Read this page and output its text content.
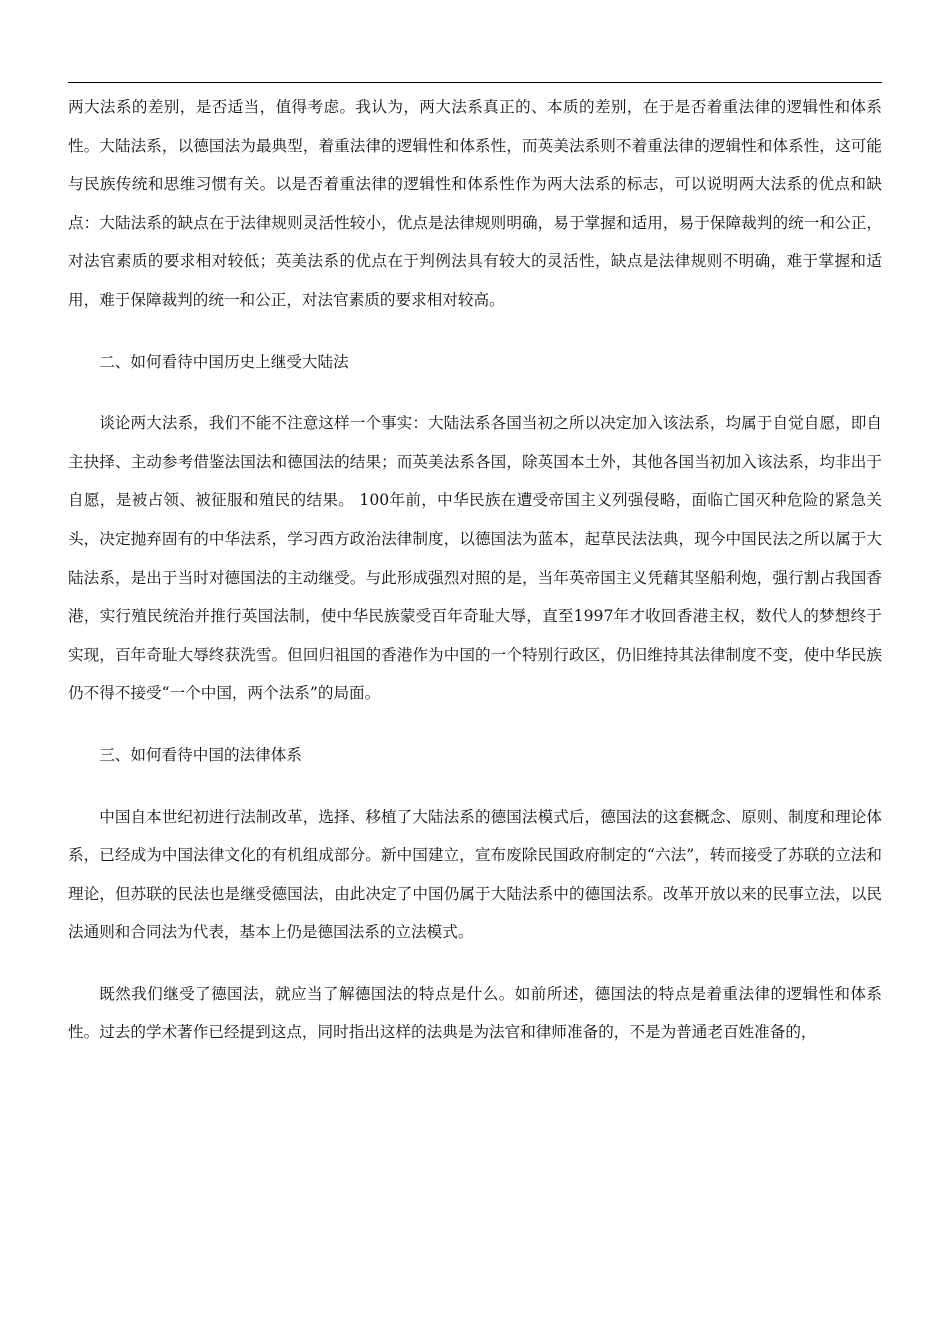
两大法系的差别，是否适当，值得考虑。我认为，两大法系真正的、本质的差别，在于是否着重法律的逻辑性和体系性。大陆法系，以德国法为最典型，着重法律的逻辑性和体系性，而英美法系则不着重法律的逻辑性和体系性，这可能与民族传统和思维习惯有关。以是否着重法律的逻辑性和体系性作为两大法系的标志，可以说明两大法系的优点和缺点：大陆法系的缺点在于法律规则灵活性较小，优点是法律规则明确，易于掌握和适用，易于保障裁判的统一和公正，对法官素质的要求相对较低；英美法系的优点在于判例法具有较大的灵活性，缺点是法律规则不明确，难于掌握和适用，难于保障裁判的统一和公正，对法官素质的要求相对较高。

二、如何看待中国历史上继受大陆法

谈论两大法系，我们不能不注意这样一个事实：大陆法系各国当初之所以决定加入该法系，均属于自觉自愿，即自主抉择、主动参考借鉴法国法和德国法的结果；而英美法系各国，除英国本土外，其他各国当初加入该法系，均非出于自愿，是被占领、被征服和殖民的结果。 100年前，中华民族在遭受帝国主义列强侵略，面临亡国灭种危险的紧急关头，决定抛弃固有的中华法系，学习西方政治法律制度，以德国法为蓝本，起草民法法典，现今中国民法之所以属于大陆法系，是出于当时对德国法的主动继受。与此形成强烈对照的是，当年英帝国主义凭藉其坚船利炮，强行割占我国香港，实行殖民统治并推行英国法制，使中华民族蒙受百年奇耻大辱，直至1997年才收回香港主权，数代人的梦想终于实现，百年奇耻大辱终获洗雪。但回归祖国的香港作为中国的一个特别行政区，仍旧维持其法律制度不变，使中华民族仍不得不接受“一个中国，两个法系”的局面。

三、如何看待中国的法律体系

中国自本世纪初进行法制改革，选择、移植了大陆法系的德国法模式后，德国法的这套概念、原则、制度和理论体系，已经成为中国法律文化的有机组成部分。新中国建立，宣布废除民国政府制定的“六法”，转而接受了苏联的立法和理论，但苏联的民法也是继受德国法，由此决定了中国仍属于大陆法系中的德国法系。改革开放以来的民事立法，以民法通则和合同法为代表，基本上仍是德国法系的立法模式。

既然我们继受了德国法，就应当了解德国法的特点是什么。如前所述，德国法的特点是着重法律的逻辑性和体系性。过去的学术著作已经提到这点，同时指出这样的法典是为法官和律师准备的，不是为普通老百姓准备的，
